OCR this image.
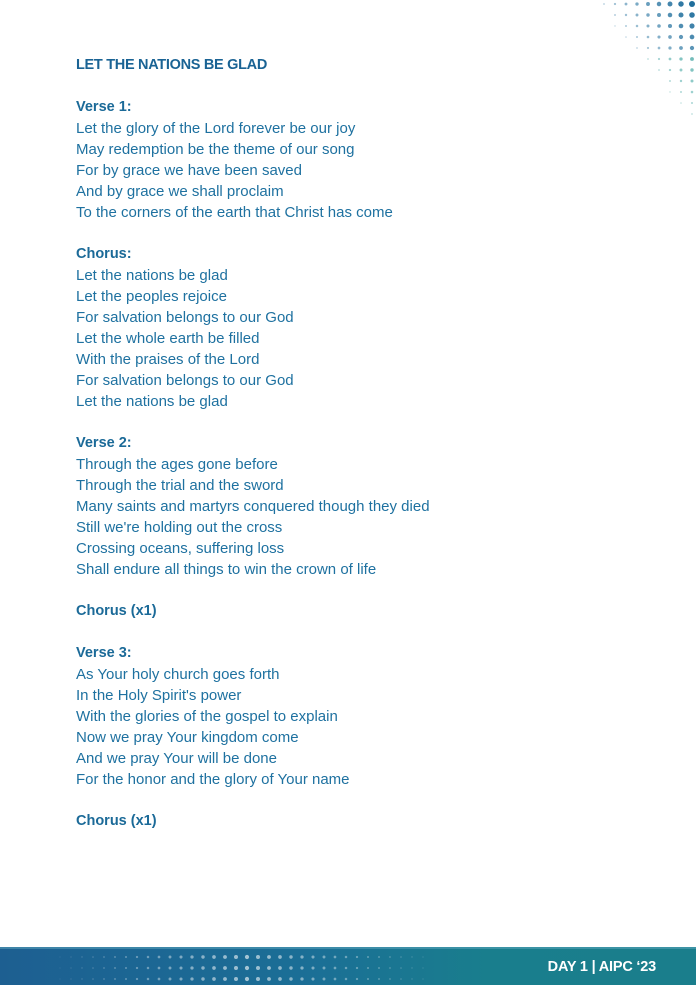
LET THE NATIONS BE GLAD
Verse 1:
Let the glory of the Lord forever be our joy
May redemption be the theme of our song
For by grace we have been saved
And by grace we shall proclaim
To the corners of the earth that Christ has come
Chorus:
Let the nations be glad
Let the peoples rejoice
For salvation belongs to our God
Let the whole earth be filled
With the praises of the Lord
For salvation belongs to our God
Let the nations be glad
Verse 2:
Through the ages gone before
Through the trial and the sword
Many saints and martyrs conquered though they died
Still we're holding out the cross
Crossing oceans, suffering loss
Shall endure all things to win the crown of life
Chorus (x1)
Verse 3:
As Your holy church goes forth
In the Holy Spirit's power
With the glories of the gospel to explain
Now we pray Your kingdom come
And we pray Your will be done
For the honor and the glory of Your name
Chorus (x1)
DAY 1 | AIPC ‘23
